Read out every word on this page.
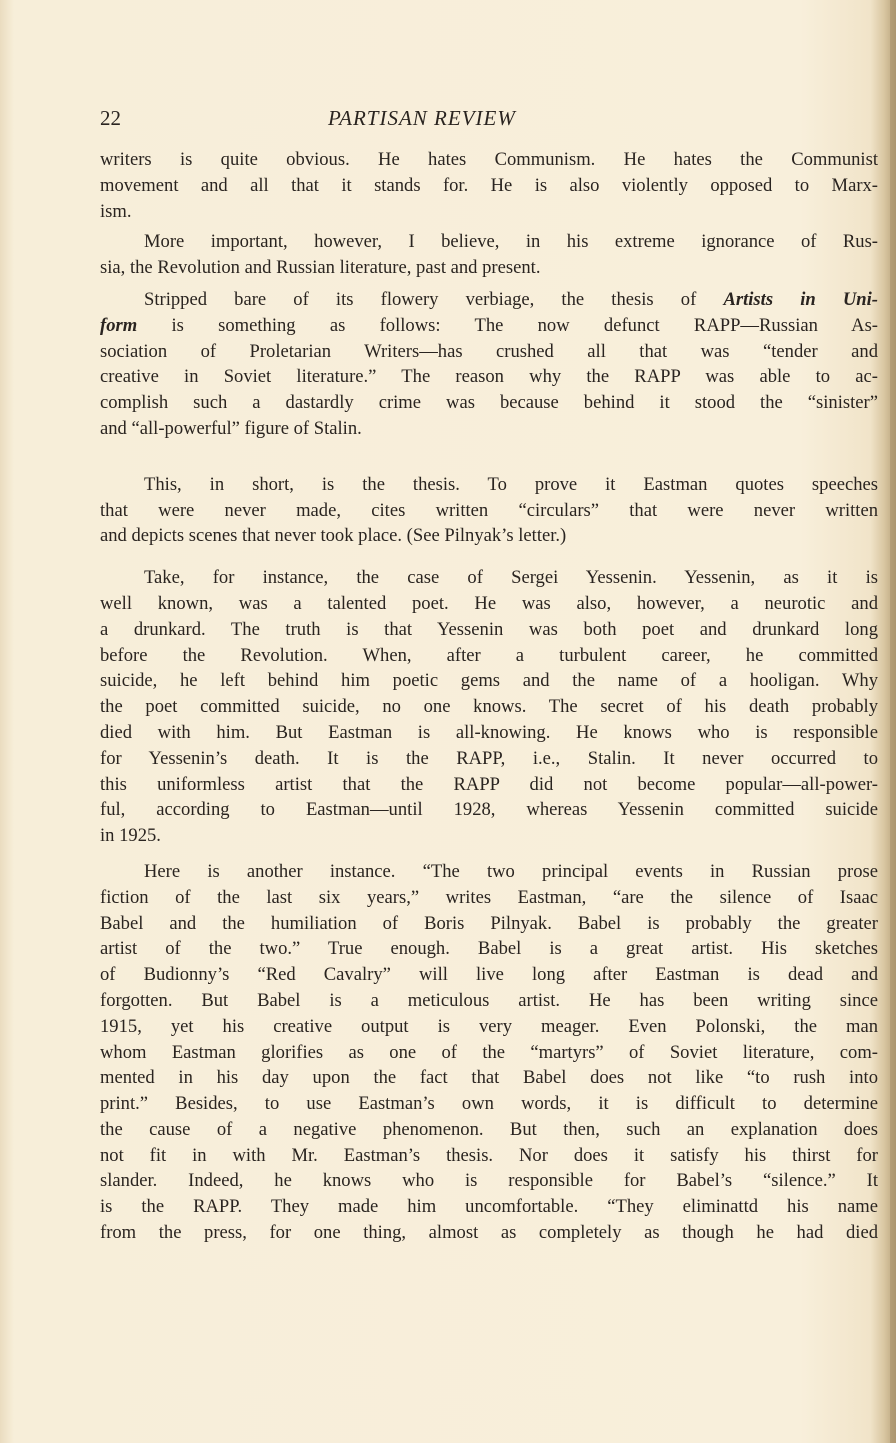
22	PARTISAN REVIEW
writers is quite obvious. He hates Communism. He hates the Communist
movement and all that it stands for. He is also violently opposed to Marx-
ism.
More important, however, I believe, in his extreme ignorance of Rus-
sia, the Revolution and Russian literature, past and present.
Stripped bare of its flowery verbiage, the thesis of Artists in Uni-
form is something as follows: The now defunct RAPP—Russian As-
sociation of Proletarian Writers—has crushed all that was “tender and
creative in Soviet literature.” The reason why the RAPP was able to ac-
complish such a dastardly crime was because behind it stood the “sinister”
and “all-powerful” figure of Stalin.
This, in short, is the thesis. To prove it Eastman quotes speeches
that were never made, cites written “circulars” that were never written
and depicts scenes that never took place. (See Pilnyak’s letter.)
Take, for instance, the case of Sergei Yessenin. Yessenin, as it is
well known, was a talented poet. He was also, however, a neurotic and
a drunkard. The truth is that Yessenin was both poet and drunkard long
before the Revolution. When, after a turbulent career, he committed
suicide, he left behind him poetic gems and the name of a hooligan. Why
the poet committed suicide, no one knows. The secret of his death probably
died with him. But Eastman is all-knowing. He knows who is responsible
for Yessenin’s death. It is the RAPP, i.e., Stalin. It never occurred to
this uniformless artist that the RAPP did not become popular—all-power-
ful, according to Eastman—until 1928, whereas Yessenin committed suicide
in 1925.
Here is another instance. “The two principal events in Russian prose
fiction of the last six years,” writes Eastman, “are the silence of Isaac
Babel and the humiliation of Boris Pilnyak. Babel is probably the greater
artist of the two.” True enough. Babel is a great artist. His sketches
of Budionny’s “Red Cavalry” will live long after Eastman is dead and
forgotten. But Babel is a meticulous artist. He has been writing since
1915, yet his creative output is very meager. Even Polonski, the man
whom Eastman glorifies as one of the “martyrs” of Soviet literature, com-
mented in his day upon the fact that Babel does not like “to rush into
print.” Besides, to use Eastman’s own words, it is difficult to determine
the cause of a negative phenomenon. But then, such an explanation does
not fit in with Mr. Eastman’s thesis. Nor does it satisfy his thirst for
slander. Indeed, he knows who is responsible for Babel’s “silence.” It
is the RAPP. They made him uncomfortable. “They eliminattd his name
from the press, for one thing, almost as completely as though he had died
